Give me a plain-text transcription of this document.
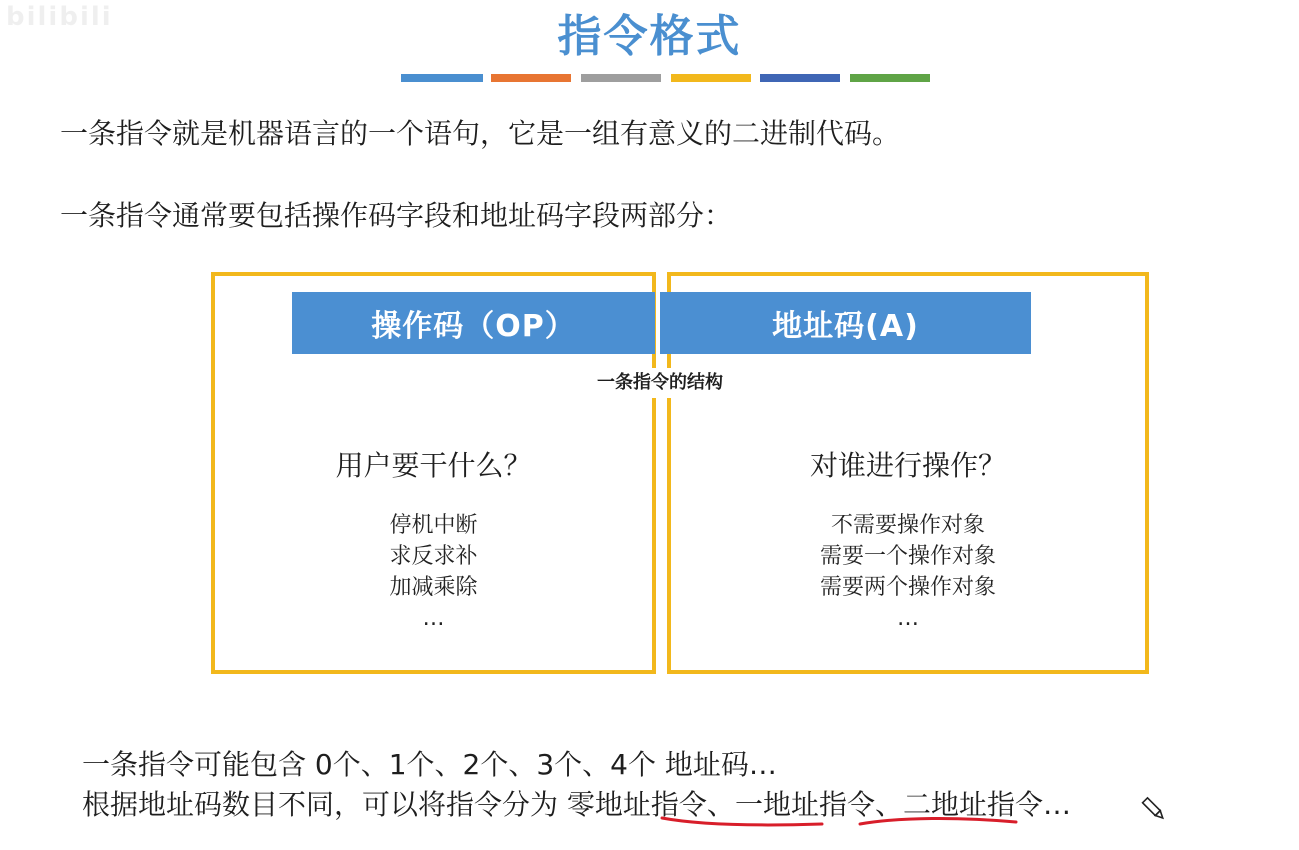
bilibili	指令格式
一条指令就是机器语言的一个语句，它是一组有意义的二进制代码。
一条指令通常要包括操作码字段和地址码字段两部分：
操作码（OP）	地址码(A)
一条指令的结构
用户要干什么？	对谁进行操作？
停机中断
求反求补
加减乘除
…
不需要操作对象
需要一个操作对象
需要两个操作对象
…
一条指令可能包含 0个、1个、2个、3个、4个 地址码…
根据地址码数目不同，可以将指令分为 零地址指令、一地址指令、二地址指令…
